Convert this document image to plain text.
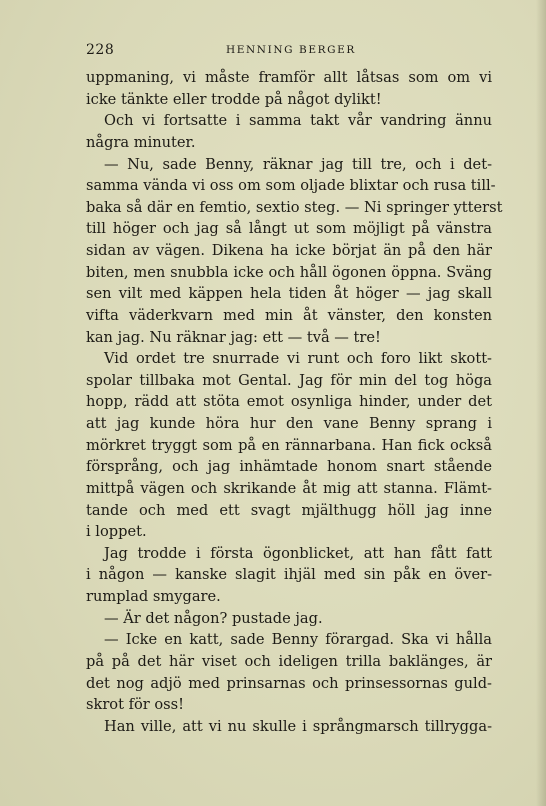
228	HENNING BERGER
uppmaning, vi måste framför allt låtsas som om vi
icke tänkte eller trodde på något dylikt!
Och vi fortsatte i samma takt vår vandring ännu
några minuter.
— Nu, sade Benny, räknar jag till tre, och i det-
samma vända vi oss om som oljade blixtar och rusa till-
baka så där en femtio, sextio steg. — Ni springer ytterst
till höger och jag så långt ut som möjligt på vänstra
sidan av vägen. Dikena ha icke börjat än på den här
biten, men snubbla icke och håll ögonen öppna. Sväng
sen vilt med käppen hela tiden åt höger — jag skall
vifta väderkvarn med min åt vänster, den konsten
kan jag. Nu räknar jag: ett — två — tre!
Vid ordet tre snurrade vi runt och foro likt skott-
spolar tillbaka mot Gental. Jag för min del tog höga
hopp, rädd att stöta emot osynliga hinder, under det
att jag kunde höra hur den vane Benny sprang i
mörkret tryggt som på en rännarbana. Han fick också
försprång, och jag inhämtade honom snart stående
mittpå vägen och skrikande åt mig att stanna. Flämt-
tande och med ett svagt mjälthugg höll jag inne
i loppet.
Jag trodde i första ögonblicket, att han fått fatt
i någon — kanske slagit ihjäl med sin påk en över-
rumplad smygare.
— Är det någon? pustade jag.
— Icke en katt, sade Benny förargad. Ska vi hålla
på på det här viset och ideligen trilla baklänges, är
det nog adjö med prinsarnas och prinsessornas guld-
skrot för oss!
Han ville, att vi nu skulle i språngmarsch tillrygga-
